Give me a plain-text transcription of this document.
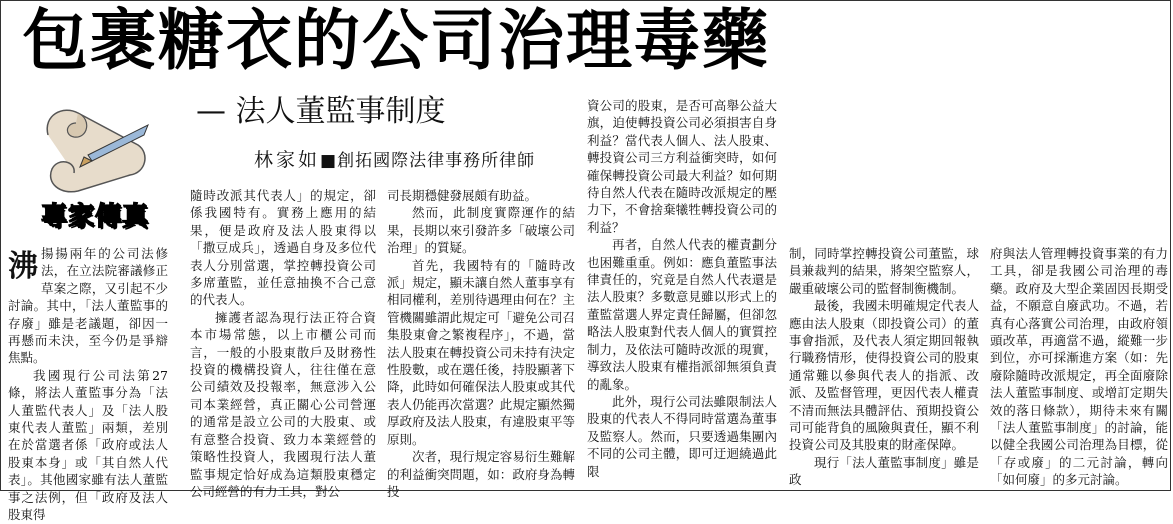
包裹糖衣的公司治理毒藥
專家傳真
— 法人董監事制度
林家如■創拓國際法律事務所律師
沸 揚揚兩年的公司法修法，在立法院審議修正草案之際，又引起不少討論。其中，「法人董監事的存廢」雖是老議題，卻因一再懸而未決，至今仍是爭辯焦點。

我國現行公司法第27條，將法人董監事分為「法人董監代表人」及「法人股東代表人董監」兩類，差別在於當選者係「政府或法人股東本身」或「其自然人代表」。其他國家雖有法人董監事之法例，但「政府及法人股東得

隨時改派其代表人」的規定，卻係我國特有。實務上應用的結果，便是政府及法人股東得以「撒豆成兵」，透過自身及多位代表人分別當選，掌控轉投資公司多席董監，並任意抽換不合己意的代表人。

擁護者認為現行法正符合資本市場常態，以上市櫃公司而言，一般的小股東散戶及財務性投資的機構投資人，往往僅在意公司績效及投報率，無意涉入公司本業經營，真正關心公司營運的通常是設立公司的大股東、或有意整合投資、致力本業經營的策略性投資人，我國現行法人董監事規定恰好成為這類股東穩定公司經營的有力工具，對公

司長期穩健發展頗有助益。

然而，此制度實際運作的結果，長期以來引發許多「破壞公司治理」的質疑。

首先，我國特有的「隨時改派」規定，顯未讓自然人董事享有相同權利，差別待遇理由何在？主管機關雖謂此規定可「避免公司召集股東會之繁複程序」，不過，當法人股東在轉投資公司未持有決定性股數，或在選任後，持股顯著下降，此時如何確保法人股東或其代表人仍能再次當選？此規定顯然獨厚政府及法人股東，有違股東平等原則。

次者，現行規定容易衍生難解的利益衝突問題，如：政府身為轉投

資公司的股東，是否可高舉公益大旗，迫使轉投資公司必須損害自身利益？當代表人個人、法人股東、轉投資公司三方利益衝突時，如何確保轉投資公司最大利益？如何期待自然人代表在隨時改派規定的壓力下，不會捨棄犧牲轉投資公司的利益？

再者，自然人代表的權責劃分也困難重重。例如：應負董監事法律責任的，究竟是自然人代表還是法人股東？多數意見雖以形式上的董監當選人界定責任歸屬，但卻忽略法人股東對代表人個人的實質控制力，及依法可隨時改派的現實，導致法人股東有權指派卻無須負責的亂象。

此外，現行公司法雖限制法人股東的代表人不得同時當選為董事及監察人。然而，只要透過集團內不同的公司主體，即可迂迴繞過此限

制，同時掌控轉投資公司董監，球員兼裁判的結果，將架空監察人，嚴重破壞公司的監督制衡機制。

最後，我國未明確規定代表人應由法人股東（即投資公司）的董事會指派，及代表人須定期回報執行職務情形，使得投資公司的股東通常難以參與代表人的指派、改派、及監督管理，更因代表人權責不清而無法具體評估、預期投資公司可能背負的風險與責任，顯不利投資公司及其股東的財產保障。

現行「法人董監事制度」雖是政

府與法人管理轉投資事業的有力工具，卻是我國公司治理的毒藥。政府及大型企業固因長期受益，不願意自廢武功。不過，若真有心落實公司治理，由政府領頭改革，再適當不過，縱難一步到位，亦可採漸進方案（如：先廢除隨時改派規定，再全面廢除法人董監事制度、或增訂定期失效的落日條款），期待未來有關「法人董監事制度」的討論，能以健全我國公司治理為目標，從「存或廢」的二元討論，轉向「如何廢」的多元討論。
